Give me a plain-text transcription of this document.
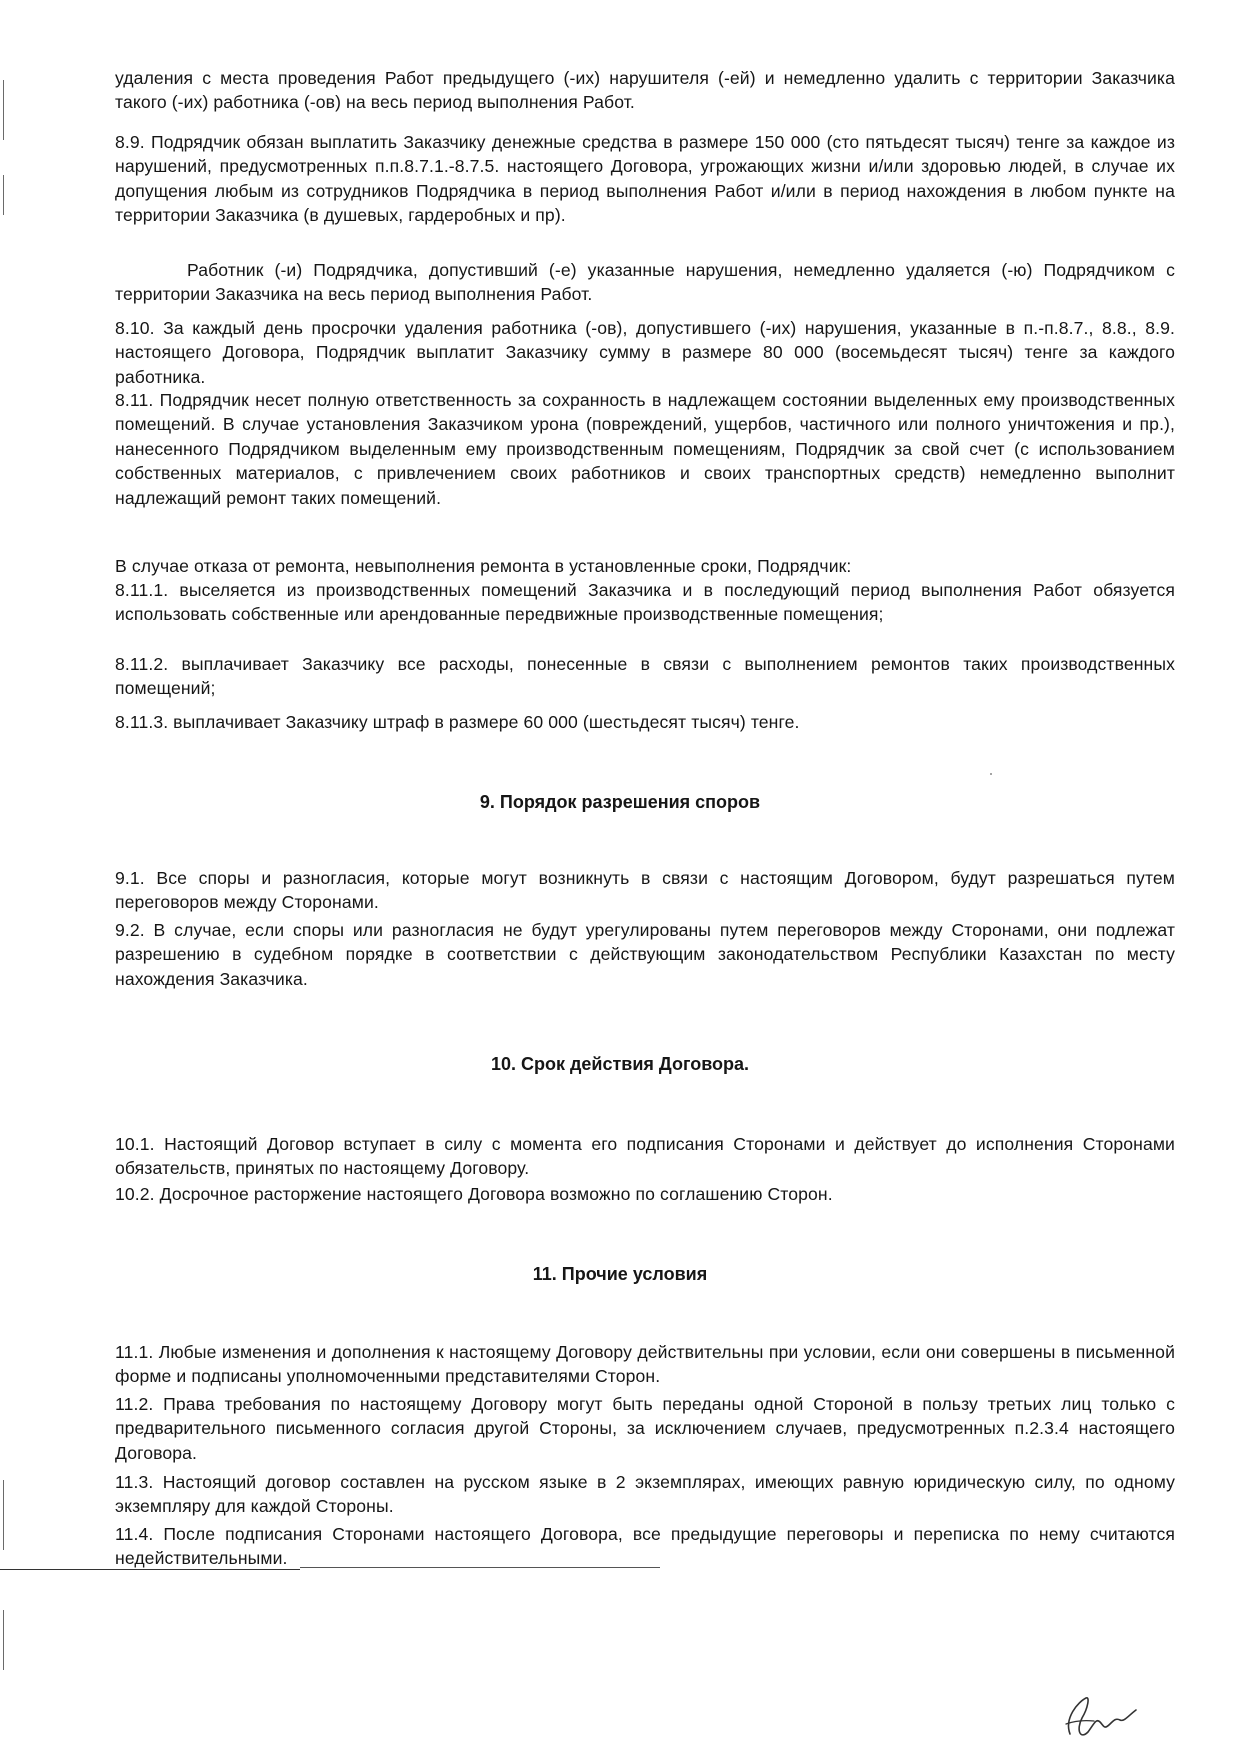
удаления с места проведения Работ предыдущего (-их) нарушителя (-ей) и немедленно удалить с территории Заказчика такого (-их) работника (-ов) на весь период выполнения Работ.

8.9. Подрядчик обязан выплатить Заказчику денежные средства в размере 150 000 (сто пятьдесят тысяч) тенге за каждое из нарушений, предусмотренных п.п.8.7.1.-8.7.5. настоящего Договора, угрожающих жизни и/или здоровью людей, в случае их допущения любым из сотрудников Подрядчика в период выполнения Работ и/или в период нахождения в любом пункте на территории Заказчика (в душевых, гардеробных и пр).

Работник (-и) Подрядчика, допустивший (-е) указанные нарушения, немедленно удаляется (-ю) Подрядчиком с территории Заказчика на весь период выполнения Работ.

8.10. За каждый день просрочки удаления работника (-ов), допустившего (-их) нарушения, указанные в п.-п.8.7., 8.8., 8.9. настоящего Договора, Подрядчик выплатит Заказчику сумму в размере 80 000 (восемьдесят тысяч) тенге за каждого работника.

8.11. Подрядчик несет полную ответственность за сохранность в надлежащем состоянии выделенных ему производственных помещений. В случае установления Заказчиком урона (повреждений, ущербов, частичного или полного уничтожения и пр.), нанесенного Подрядчиком выделенным ему производственным помещениям, Подрядчик за свой счет (с использованием собственных материалов, с привлечением своих работников и своих транспортных средств) немедленно выполнит надлежащий ремонт таких помещений.

В случае отказа от ремонта, невыполнения ремонта в установленные сроки, Подрядчик:

8.11.1. выселяется из производственных помещений Заказчика и в последующий период выполнения Работ обязуется использовать собственные или арендованные передвижные производственные помещения;

8.11.2. выплачивает Заказчику все расходы, понесенные в связи с выполнением ремонтов таких производственных помещений;

8.11.3. выплачивает Заказчику штраф в размере 60 000 (шестьдесят тысяч) тенге.

9. Порядок разрешения споров

9.1. Все споры и разногласия, которые могут возникнуть в связи с настоящим Договором, будут разрешаться путем переговоров между Сторонами.

9.2. В случае, если споры или разногласия не будут урегулированы путем переговоров между Сторонами, они подлежат разрешению в судебном порядке в соответствии с действующим законодательством Республики Казахстан по месту нахождения Заказчика.

10. Срок действия Договора.

10.1. Настоящий Договор вступает в силу с момента его подписания Сторонами и действует до исполнения Сторонами обязательств, принятых по настоящему Договору.

10.2. Досрочное расторжение настоящего Договора возможно по соглашению Сторон.

11. Прочие условия

11.1. Любые изменения и дополнения к настоящему Договору действительны при условии, если они совершены в письменной форме и подписаны уполномоченными представителями Сторон.

11.2. Права требования по настоящему Договору могут быть переданы одной Стороной в пользу третьих лиц только с предварительного письменного согласия другой Стороны, за исключением случаев, предусмотренных п.2.3.4 настоящего Договора.

11.3. Настоящий договор составлен на русском языке в 2 экземплярах, имеющих равную юридическую силу, по одному экземпляру для каждой Стороны.

11.4. После подписания Сторонами настоящего Договора, все предыдущие переговоры и переписка по нему считаются недействительными.
